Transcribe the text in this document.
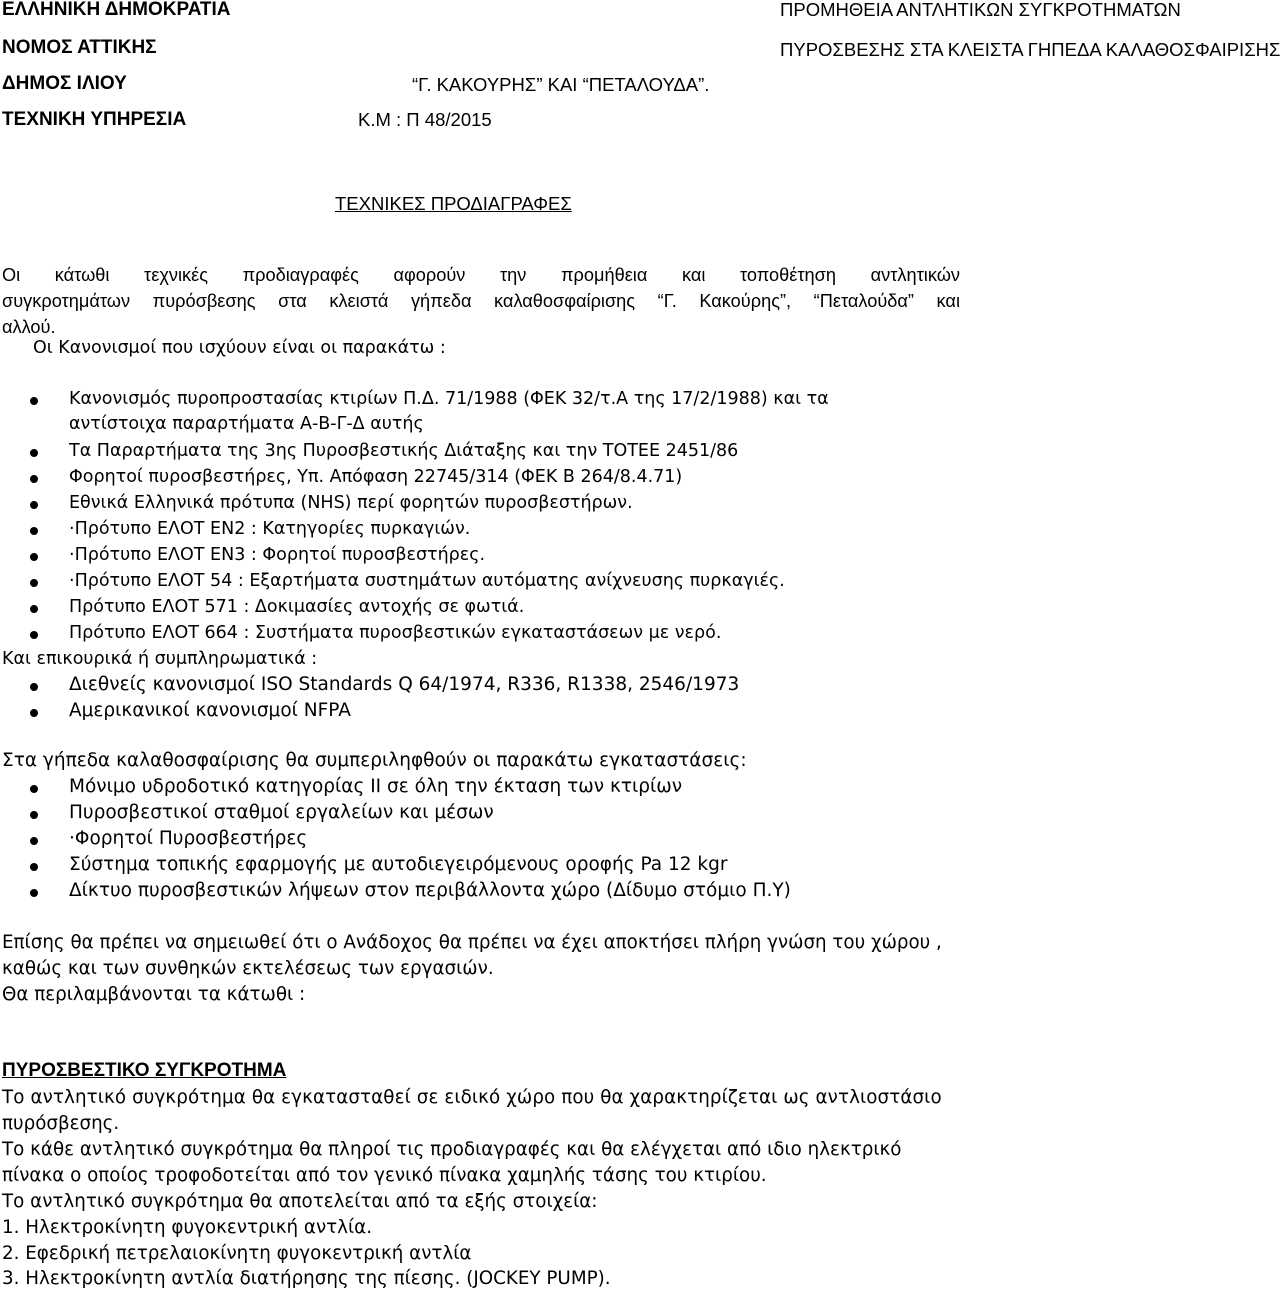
ΕΛΛΗΝΙΚΗ ΔΗΜΟΚΡΑΤΙΑ
ΝΟΜΟΣ ΑΤΤΙΚΗΣ
ΔΗΜΟΣ ΙΛΙΟΥ
ΤΕΧΝΙΚΗ ΥΠΗΡΕΣΙΑ
ΠΡΟΜΗΘΕΙΑ ΑΝΤΛΗΤΙΚΩΝ ΣΥΓΚΡΟΤΗΜΑΤΩΝ
ΠΥΡΟΣΒΕΣΗΣ ΣΤΑ ΚΛΕΙΣΤΑ ΓΗΠΕΔΑ ΚΑΛΑΘΟΣΦΑΙΡΙΣΗΣ
“Γ. ΚΑΚΟΥΡΗΣ” ΚΑΙ “ΠΕΤΑΛΟΥΔΑ”.
Κ.Μ : Π 48/2015
ΤΕΧΝΙΚΕΣ ΠΡΟΔΙΑΓΡΑΦΕΣ
Οι κάτωθι τεχνικές προδιαγραφές αφορούν την προμήθεια και τοποθέτηση αντλητικών
συγκροτημάτων πυρόσβεσης στα κλειστά γήπεδα καλαθοσφαίρισης “Γ. Κακούρης”, “Πεταλούδα” και
αλλού.
Οι Κανονισμοί που ισχύουν είναι οι παρακάτω :
Κανονισμός πυροπροστασίας κτιρίων Π.Δ. 71/1988 (ΦΕΚ 32/τ.Α της 17/2/1988) και τα
αντίστοιχα παραρτήματα Α-Β-Γ-Δ αυτής
Τα Παραρτήματα της 3ης Πυροσβεστικής Διάταξης και την ΤΟΤΕΕ 2451/86
Φορητοί πυροσβεστήρες, Υπ. Απόφαση 22745/314 (ΦΕΚ Β 264/8.4.71)
Εθνικά Ελληνικά πρότυπα (NHS) περί φορητών πυροσβεστήρων.
·Πρότυπο ΕΛΟΤ ΕΝ2 : Κατηγορίες πυρκαγιών.
·Πρότυπο ΕΛΟΤ ΕΝ3 : Φορητοί πυροσβεστήρες.
·Πρότυπο ΕΛΟΤ 54 : Εξαρτήματα συστημάτων αυτόματης ανίχνευσης πυρκαγιές.
Πρότυπο ΕΛΟΤ 571 : Δοκιμασίες αντοχής σε φωτιά.
Πρότυπο ΕΛΟΤ 664 : Συστήματα πυροσβεστικών εγκαταστάσεων με νερό.
Και επικουρικά ή συμπληρωματικά :
Διεθνείς κανονισμοί ISO Standards Q 64/1974, R336, R1338, 2546/1973
Αμερικανικοί κανονισμοί NFPA
Στα γήπεδα καλαθοσφαίρισης θα συμπεριληφθούν οι παρακάτω εγκαταστάσεις:
Μόνιμο υδροδοτικό κατηγορίας ΙΙ σε όλη την έκταση των κτιρίων
Πυροσβεστικοί σταθμοί εργαλείων και μέσων
·Φορητοί Πυροσβεστήρες
Σύστημα τοπικής εφαρμογής με αυτοδιεγειρόμενους οροφής Pa 12 kgr
Δίκτυο πυροσβεστικών λήψεων στον περιβάλλοντα χώρο (Δίδυμο στόμιο Π.Υ)
Επίσης θα πρέπει να σημειωθεί ότι ο Ανάδοχος θα πρέπει να έχει αποκτήσει πλήρη γνώση του χώρου ,
καθώς και των συνθηκών εκτελέσεως των εργασιών.
Θα περιλαμβάνονται τα κάτωθι :
ΠΥΡΟΣΒΕΣΤΙΚΟ ΣΥΓΚΡΟΤΗΜΑ
Το αντλητικό συγκρότημα θα εγκατασταθεί σε ειδικό χώρο που θα χαρακτηρίζεται ως αντλιοστάσιο
πυρόσβεσης.
Το κάθε αντλητικό συγκρότημα θα πληροί τις προδιαγραφές και θα ελέγχεται από ιδιο ηλεκτρικό
πίνακα ο οποίος τροφοδοτείται από τον γενικό πίνακα χαμηλής τάσης του κτιρίου.
Το αντλητικό συγκρότημα θα αποτελείται από τα εξής στοιχεία:
1. Ηλεκτροκίνητη φυγοκεντρική αντλία.
2. Εφεδρική πετρελαιοκίνητη φυγοκεντρική αντλία
3. Ηλεκτροκίνητη αντλία διατήρησης της πίεσης. (JOCKEY PUMP).
